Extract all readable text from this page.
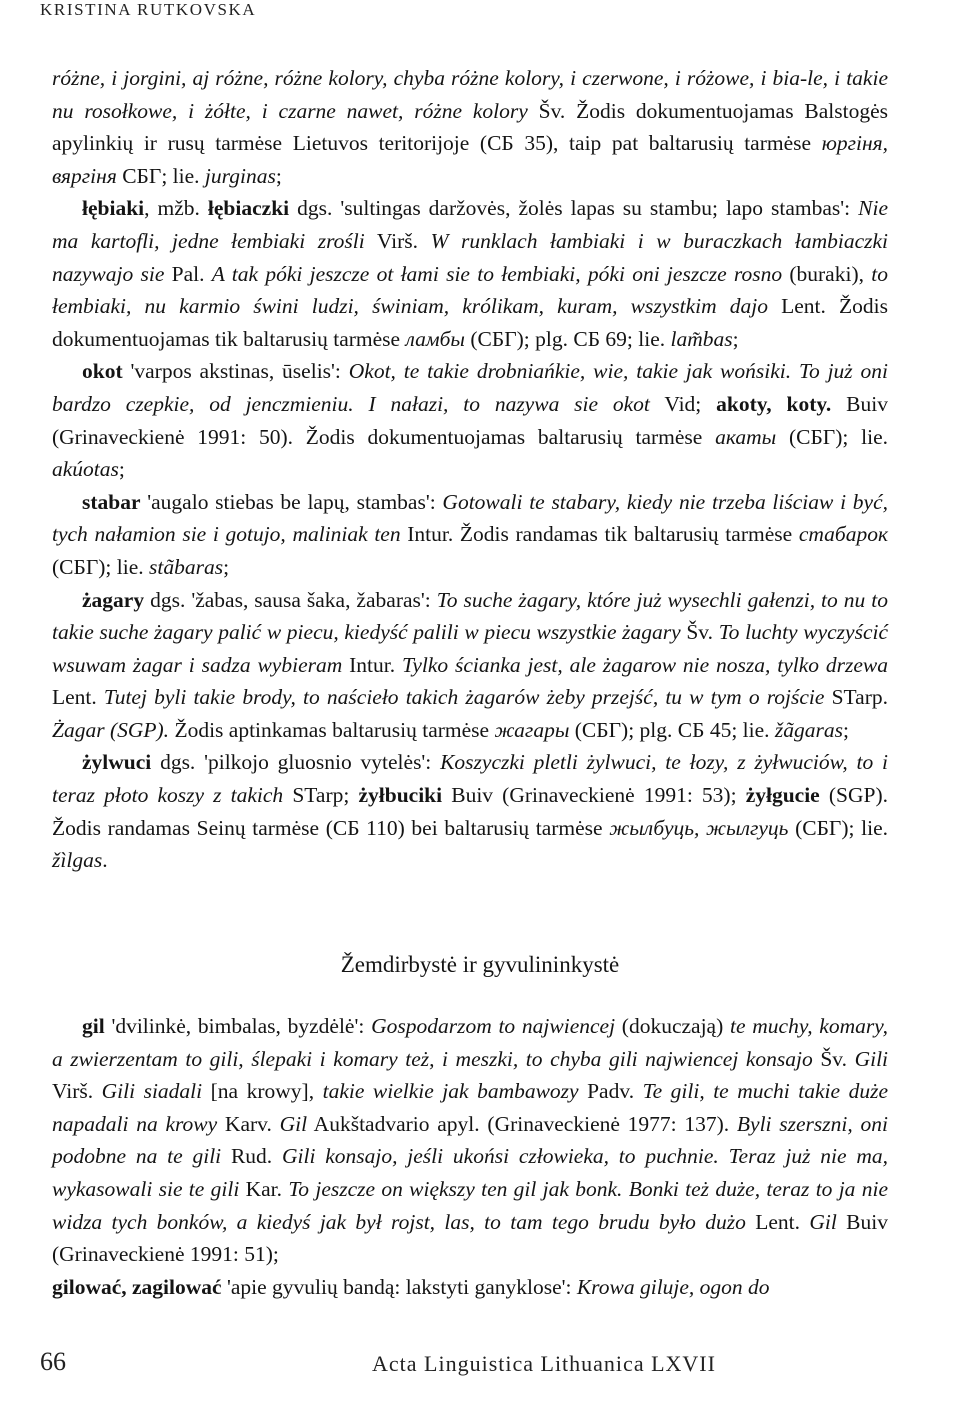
KRISTINA RUTKOVSKA

różne, i jorgini, aj różne, różne kolory, chyba różne kolory, i czerwone, i różowe, i bia-le, i takie nu rosołkowe, i żółte, i czarne nawet, różne kolory Šv. Žodis dokumentuojamas Balstogės apylinkių ir rusų tarmėse Lietuvos teritorijoje (СБ 35), taip pat baltarusių tarmėse юргіня, вяргіня СБГ; lie. jurginas;

łębiaki, mžb. łębiaczki dgs. 'sultingas daržovės, žolės lapas su stambu; lapo stambas': Nie ma kartofli, jedne łembiaki zrośli Virš. W runklach łambiaki i w buraczkach łambiaczki nazywajo sie Pal. A tak póki jeszcze ot łami sie to łembiaki, póki oni jeszcze rosno (buraki), to łembiaki, nu karmio świni ludzi, świniam, królikam, kuram, wszystkim dajo Lent. Žodis dokumentuojamas tik baltarusių tarmėse ламбы (СБГ); plg. СБ 69; lie. lam̃bas;

okot 'varpos akstinas, ūselis': Okot, te takie drobniańkie, wie, takie jak wońsiki. To już oni bardzo czepkie, od jenczmieniu. I nałazi, to nazywa sie okot Vid; akoty, koty. Buiv (Grinaveckienė 1991: 50). Žodis dokumentuojamas baltarusių tarmėse акаты (СБГ); lie. akúotas;

stabar 'augalo stiebas be lapų, stambas': Gotowali te stabary, kiedy nie trzeba liściaw i być, tych nałamion sie i gotujo, maliniak ten Intur. Žodis randamas tik baltarusių tarmėse стабарок (СБГ); lie. stãbaras;

żagary dgs. 'žabas, sausa šaka, žabaras': To suche żagary, które już wysechli gałenzi, to nu to takie suche żagary palić w piecu, kiedyść palili w piecu wszystkie żagary Šv. To luchty wyczyścić wsuwam żagar i sadza wybieram Intur. Tylko ścianka jest, ale żagarow nie nosza, tylko drzewa Lent. Tutej byli takie brody, to naścieło takich żagarów żeby przejść, tu w tym o rojście STarp. Żagar (SGP). Žodis aptinkamas baltarusių tarmėse жагары (СБГ); plg. СБ 45; lie. žãgaras;

żylwuci dgs. 'pilkojo gluosnio vytelės': Koszyczki pletli żylwuci, te łozy, z żyłwuciów, to i teraz płoto koszy z takich STarp; żyłbuciki Buiv (Grinaveckienė 1991: 53); żyłgucie (SGP). Žodis randamas Seinų tarmėse (СБ 110) bei baltarusių tarmėse жылбуць, жылгуць (СБГ); lie. žìlgas.

Žemdirbystė ir gyvulininkystė

gil 'dvilinkė, bimbalas, byzdėlė': Gospodarzom to najwiencej (dokuczają) te muchy, komary, a zwierzentam to gili, ślepaki i komary też, i meszki, to chyba gili najwiencej konsajo Šv. Gili Virš. Gili siadali [na krowy], takie wielkie jak bambawozy Padv. Te gili, te muchi takie duże napadali na krowy Karv. Gil Aukštadvario apyl. (Grinaveckienė 1977: 137). Byli szerszni, oni podobne na te gili Rud. Gili konsajo, jeśli ukońsi człowieka, to puchnie. Teraz już nie ma, wykasowali sie te gili Kar. To jeszcze on większy ten gil jak bonk. Bonki też duże, teraz to ja nie widza tych bonków, a kiedyś jak był rojst, las, to tam tego brudu było dużo Lent. Gil Buiv (Grinaveckienė 1991: 51);

gilować, zagilować 'apie gyvulių bandą: lakstyti ganyklose': Krowa giluje, ogon do

66	Acta Linguistica Lithuanica LXVII
